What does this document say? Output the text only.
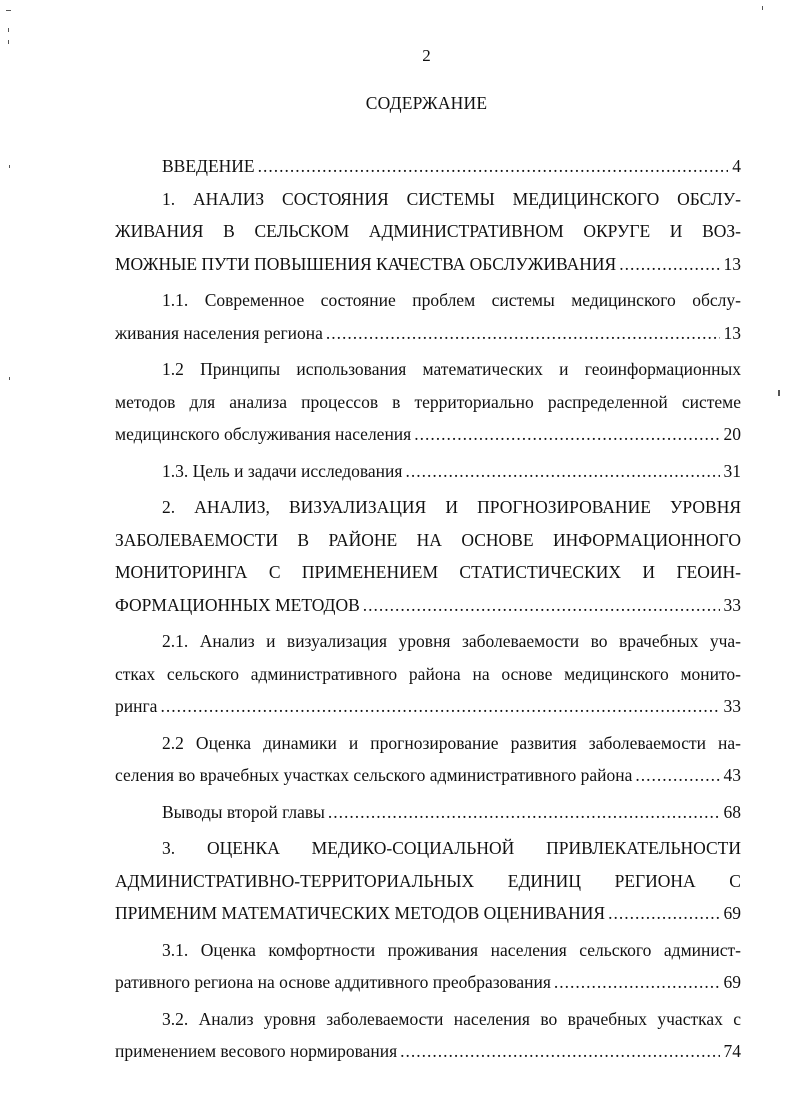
2
СОДЕРЖАНИЕ
ВВЕДЕНИЕ .....	4
1. АНАЛИЗ СОСТОЯНИЯ СИСТЕМЫ МЕДИЦИНСКОГО ОБСЛУ-
ЖИВАНИЯ В СЕЛЬСКОМ АДМИНИСТРАТИВНОМ ОКРУГЕ И ВОЗ-
МОЖНЫЕ ПУТИ ПОВЫШЕНИЯ КАЧЕСТВА ОБСЛУЖИВАНИЯ .....	13
1.1. Современное состояние проблем системы медицинского обслу-
живания населения региона .....	13
1.2 Принципы использования математических и геоинформационных
методов для анализа процессов в территориально распределенной системе
медицинского обслуживания населения .....	20
1.3. Цель и задачи исследования .....	31
2. АНАЛИЗ, ВИЗУАЛИЗАЦИЯ И ПРОГНОЗИРОВАНИЕ УРОВНЯ
ЗАБОЛЕВАЕМОСТИ В РАЙОНЕ НА ОСНОВЕ ИНФОРМАЦИОННОГО
МОНИТОРИНГА С ПРИМЕНЕНИЕМ СТАТИСТИЧЕСКИХ И ГЕОИН-
ФОРМАЦИОННЫХ МЕТОДОВ .....	33
2.1. Анализ и визуализация уровня заболеваемости во врачебных уча-
стках сельского административного района на основе медицинского монито-
ринга .....	33
2.2 Оценка динамики и прогнозирование развития заболеваемости на-
селения во врачебных участках сельского административного района .....	43
Выводы второй главы .....	68
3. ОЦЕНКА МЕДИКО-СОЦИАЛЬНОЙ ПРИВЛЕКАТЕЛЬНОСТИ
АДМИНИСТРАТИВНО-ТЕРРИТОРИАЛЬНЫХ ЕДИНИЦ РЕГИОНА С
ПРИМЕНИМ МАТЕМАТИЧЕСКИХ МЕТОДОВ ОЦЕНИВАНИЯ .....	69
3.1. Оценка комфортности проживания населения сельского админист-
ративного региона на основе аддитивного преобразования .....	69
3.2. Анализ уровня заболеваемости населения во врачебных участках с
применением весового нормирования .....	74
